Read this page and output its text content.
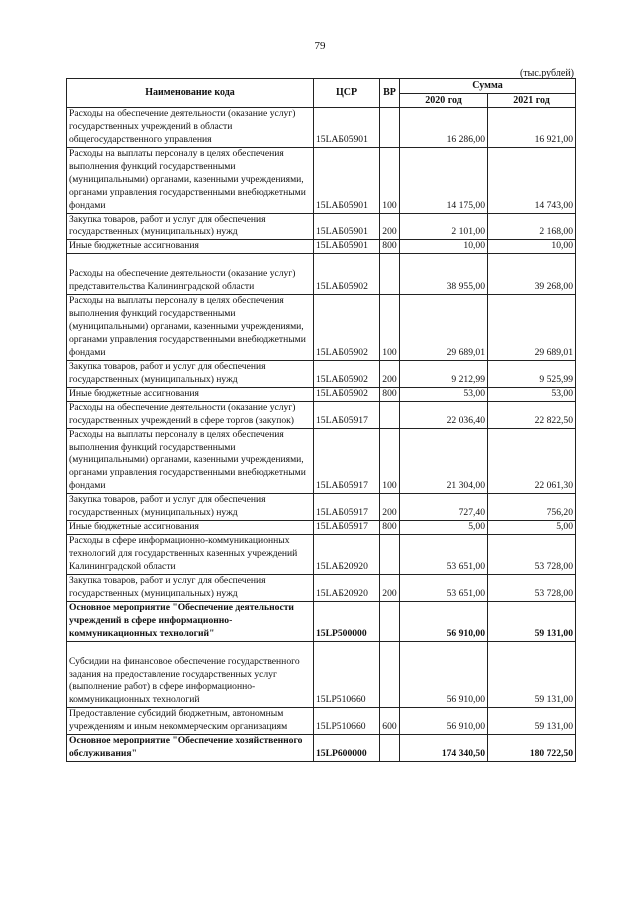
79
(тыс.рублей)
Наименование кода	ЦСР	ВР	Сумма	
			2020 год	2021 год
Расходы на обеспечение деятельности (оказание услуг) государственных учреждений в области общегосударственного управления	15LAБ05901		16 286,00	16 921,00
Расходы на выплаты персоналу в целях обеспечения выполнения функций государственными (муниципальными) органами, казенными учреждениями, органами управления государственными внебюджетными фондами	15LAБ05901	100	14 175,00	14 743,00
Закупка товаров, работ и услуг для обеспечения государственных (муниципальных) нужд	15LAБ05901	200	2 101,00	2 168,00
Иные бюджетные ассигнования	15LAБ05901	800	10,00	10,00
Расходы на обеспечение деятельности (оказание услуг) представительства Калининградской области	15LAБ05902		38 955,00	39 268,00
Расходы на выплаты персоналу в целях обеспечения выполнения функций государственными (муниципальными) органами, казенными учреждениями, органами управления государственными внебюджетными фондами	15LAБ05902	100	29 689,01	29 689,01
Закупка товаров, работ и услуг для обеспечения государственных (муниципальных) нужд	15LAБ05902	200	9 212,99	9 525,99
Иные бюджетные ассигнования	15LAБ05902	800	53,00	53,00
Расходы на обеспечение деятельности (оказание услуг) государственных учреждений в сфере торгов (закупок)	15LAБ05917		22 036,40	22 822,50
Расходы на выплаты персоналу в целях обеспечения выполнения функций государственными (муниципальными) органами, казенными учреждениями, органами управления государственными внебюджетными фондами	15LAБ05917	100	21 304,00	22 061,30
Закупка товаров, работ и услуг для обеспечения государственных (муниципальных) нужд	15LAБ05917	200	727,40	756,20
Иные бюджетные ассигнования	15LAБ05917	800	5,00	5,00
Расходы в сфере информационно-коммуникационных технологий для государственных казенных учреждений Калининградской области	15LAБ20920		53 651,00	53 728,00
Закупка товаров, работ и услуг для обеспечения государственных (муниципальных) нужд	15LAБ20920	200	53 651,00	53 728,00
Основное мероприятие "Обеспечение деятельности учреждений в сфере информационно-коммуникационных технологий"	15LP500000		56 910,00	59 131,00
Субсидии на финансовое обеспечение государственного задания на предоставление государственных услуг (выполнение работ) в сфере информационно-коммуникационных технологий	15LP510660		56 910,00	59 131,00
Предоставление субсидий бюджетным, автономным учреждениям и иным некоммерческим организациям	15LP510660	600	56 910,00	59 131,00
Основное мероприятие "Обеспечение хозяйственного обслуживания"	15LP600000		174 340,50	180 722,50
